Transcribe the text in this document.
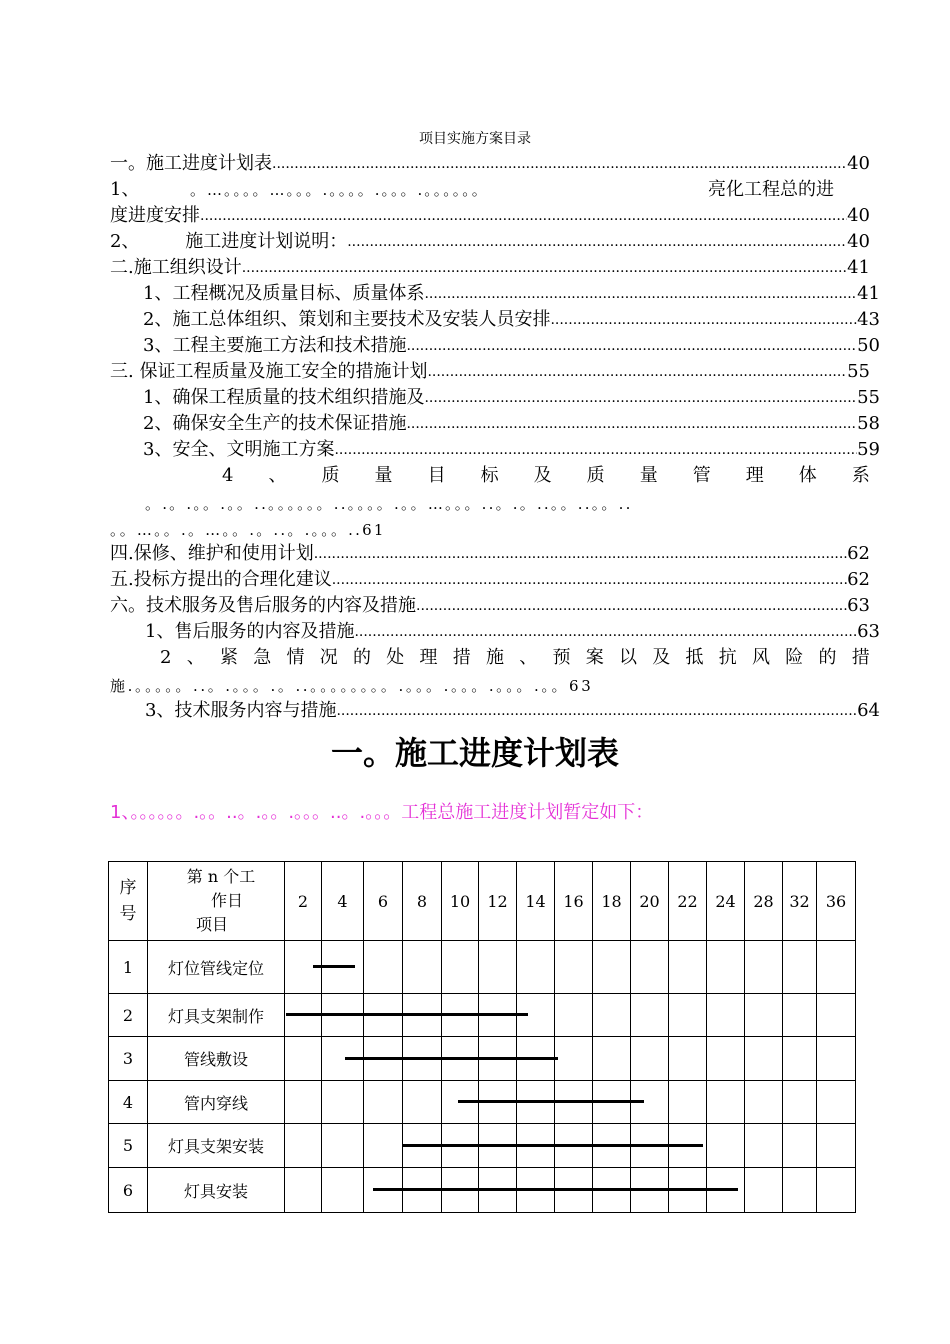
项目实施方案目录
一。施工进度计划表 .....	40
1、	。…。。。。…。。。.。。。。.。。。.。。。。。。	亮化工程总的进
度进度安排 .....	40
2、        施工进度计划说明： .....	40
二.施工组织设计 .....	41
1、工程概况及质量目标、质量体系 .....	41
2、施工总体组织、策划和主要技术及安装人员安排 .....	43
3、工程主要施工方法和技术措施 .....	50
三. 保证工程质量及施工安全的措施计划 .....	55
1、确保工程质量的技术组织措施及 .....	55
2、确保安全生产的技术保证措施 .....	58
3、安全、文明施工方案 .....	59
4 、 质 量 目 标 及 质 量 管 理 体 系
。.。.。。.。。..。。。。。。..。。。。.。。…。。。..。.。..。。..。。..
。。…。。.。…。。.。..。.。。。..61
四.保修、维护和使用计划 .....	62
五.投标方提出的合理化建议 .....	62
六。技术服务及售后服务的内容及措施 .....	63
1、售后服务的内容及措施 .....	63
2 、 紧 急 情 况 的 处 理 措 施 、 预 案 以 及 抵 抗 风 险 的 措
施.。。。。。..。.。。。.。..。。。。。。。。.。。。.。。。.。。。.。。63
3、技术服务内容与措施 .....	64
一。施工进度计划表
1、。。。。。。.。。..。.。。.。。。..。.。。。工程总施工进度计划暂定如下：
序号	第 n 个工
作日
项目	2	4	6	8	10	12	14	16	18	20	22	24	28	32	36
1	灯位管线定位															
2	灯具支架制作															
3	管线敷设															
4	管内穿线															
5	灯具支架安装															
6	灯具安装															
